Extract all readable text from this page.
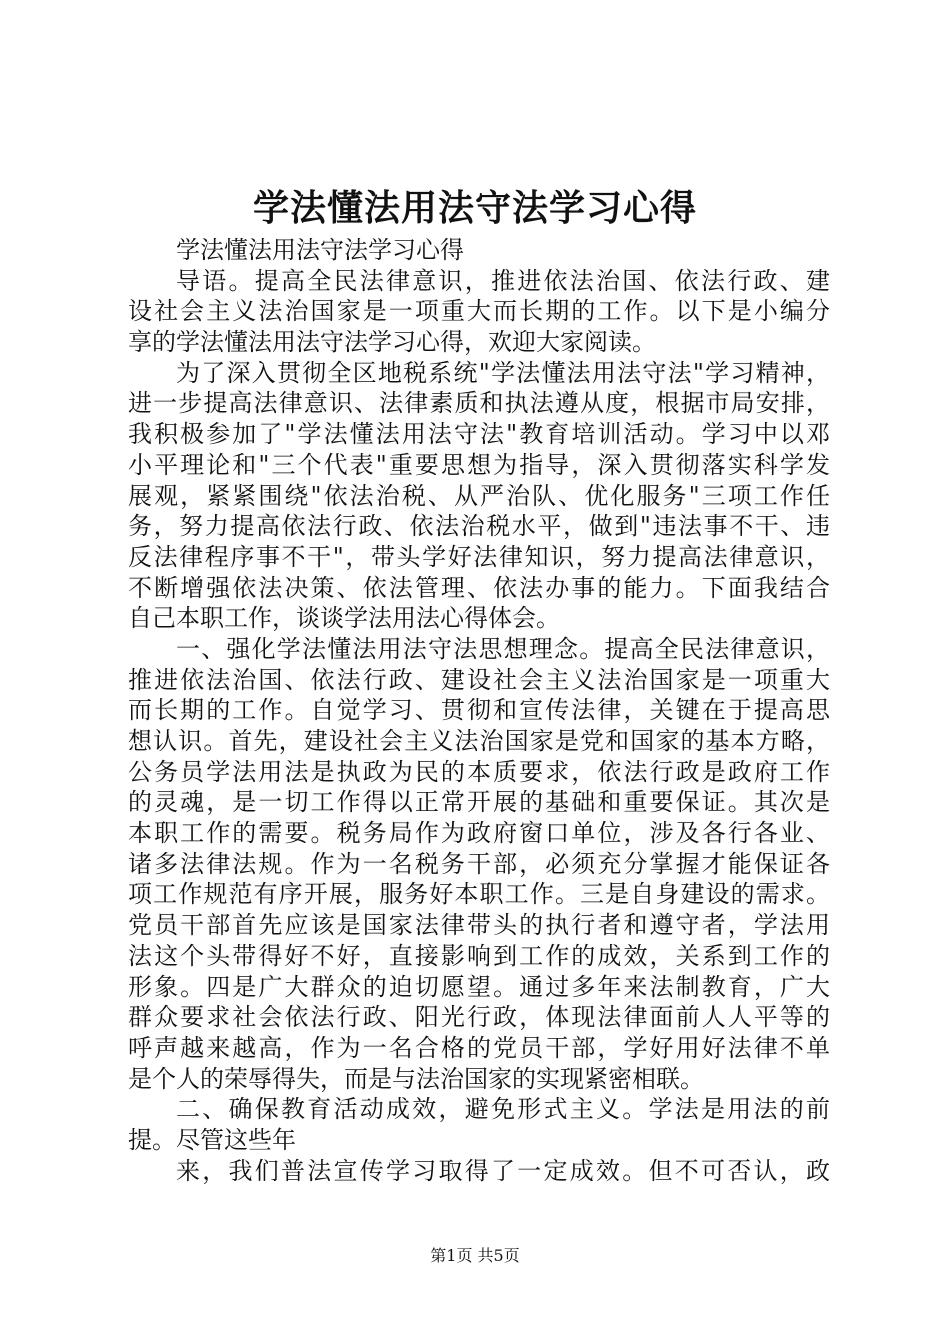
学法懂法用法守法学习心得
学法懂法用法守法学习心得
导语。提高全民法律意识，推进依法治国、依法行政、建
设社会主义法治国家是一项重大而长期的工作。以下是小编分
享的学法懂法用法守法学习心得，欢迎大家阅读。
为了深入贯彻全区地税系统"学法懂法用法守法"学习精神，
进一步提高法律意识、法律素质和执法遵从度，根据市局安排，
我积极参加了"学法懂法用法守法"教育培训活动。学习中以邓
小平理论和"三个代表"重要思想为指导，深入贯彻落实科学发
展观，紧紧围绕"依法治税、从严治队、优化服务"三项工作任
务，努力提高依法行政、依法治税水平，做到"违法事不干、违
反法律程序事不干"，带头学好法律知识，努力提高法律意识，
不断增强依法决策、依法管理、依法办事的能力。下面我结合
自己本职工作，谈谈学法用法心得体会。
一、强化学法懂法用法守法思想理念。提高全民法律意识，
推进依法治国、依法行政、建设社会主义法治国家是一项重大
而长期的工作。自觉学习、贯彻和宣传法律，关键在于提高思
想认识。首先，建设社会主义法治国家是党和国家的基本方略，
公务员学法用法是执政为民的本质要求，依法行政是政府工作
的灵魂，是一切工作得以正常开展的基础和重要保证。其次是
本职工作的需要。税务局作为政府窗口单位，涉及各行各业、
诸多法律法规。作为一名税务干部，必须充分掌握才能保证各
项工作规范有序开展，服务好本职工作。三是自身建设的需求。
党员干部首先应该是国家法律带头的执行者和遵守者，学法用
法这个头带得好不好，直接影响到工作的成效，关系到工作的
形象。四是广大群众的迫切愿望。通过多年来法制教育，广大
群众要求社会依法行政、阳光行政，体现法律面前人人平等的
呼声越来越高，作为一名合格的党员干部，学好用好法律不单
是个人的荣辱得失，而是与法治国家的实现紧密相联。
二、确保教育活动成效，避免形式主义。学法是用法的前
提。尽管这些年
来，我们普法宣传学习取得了一定成效。但不可否认，政
第1页 共5页
